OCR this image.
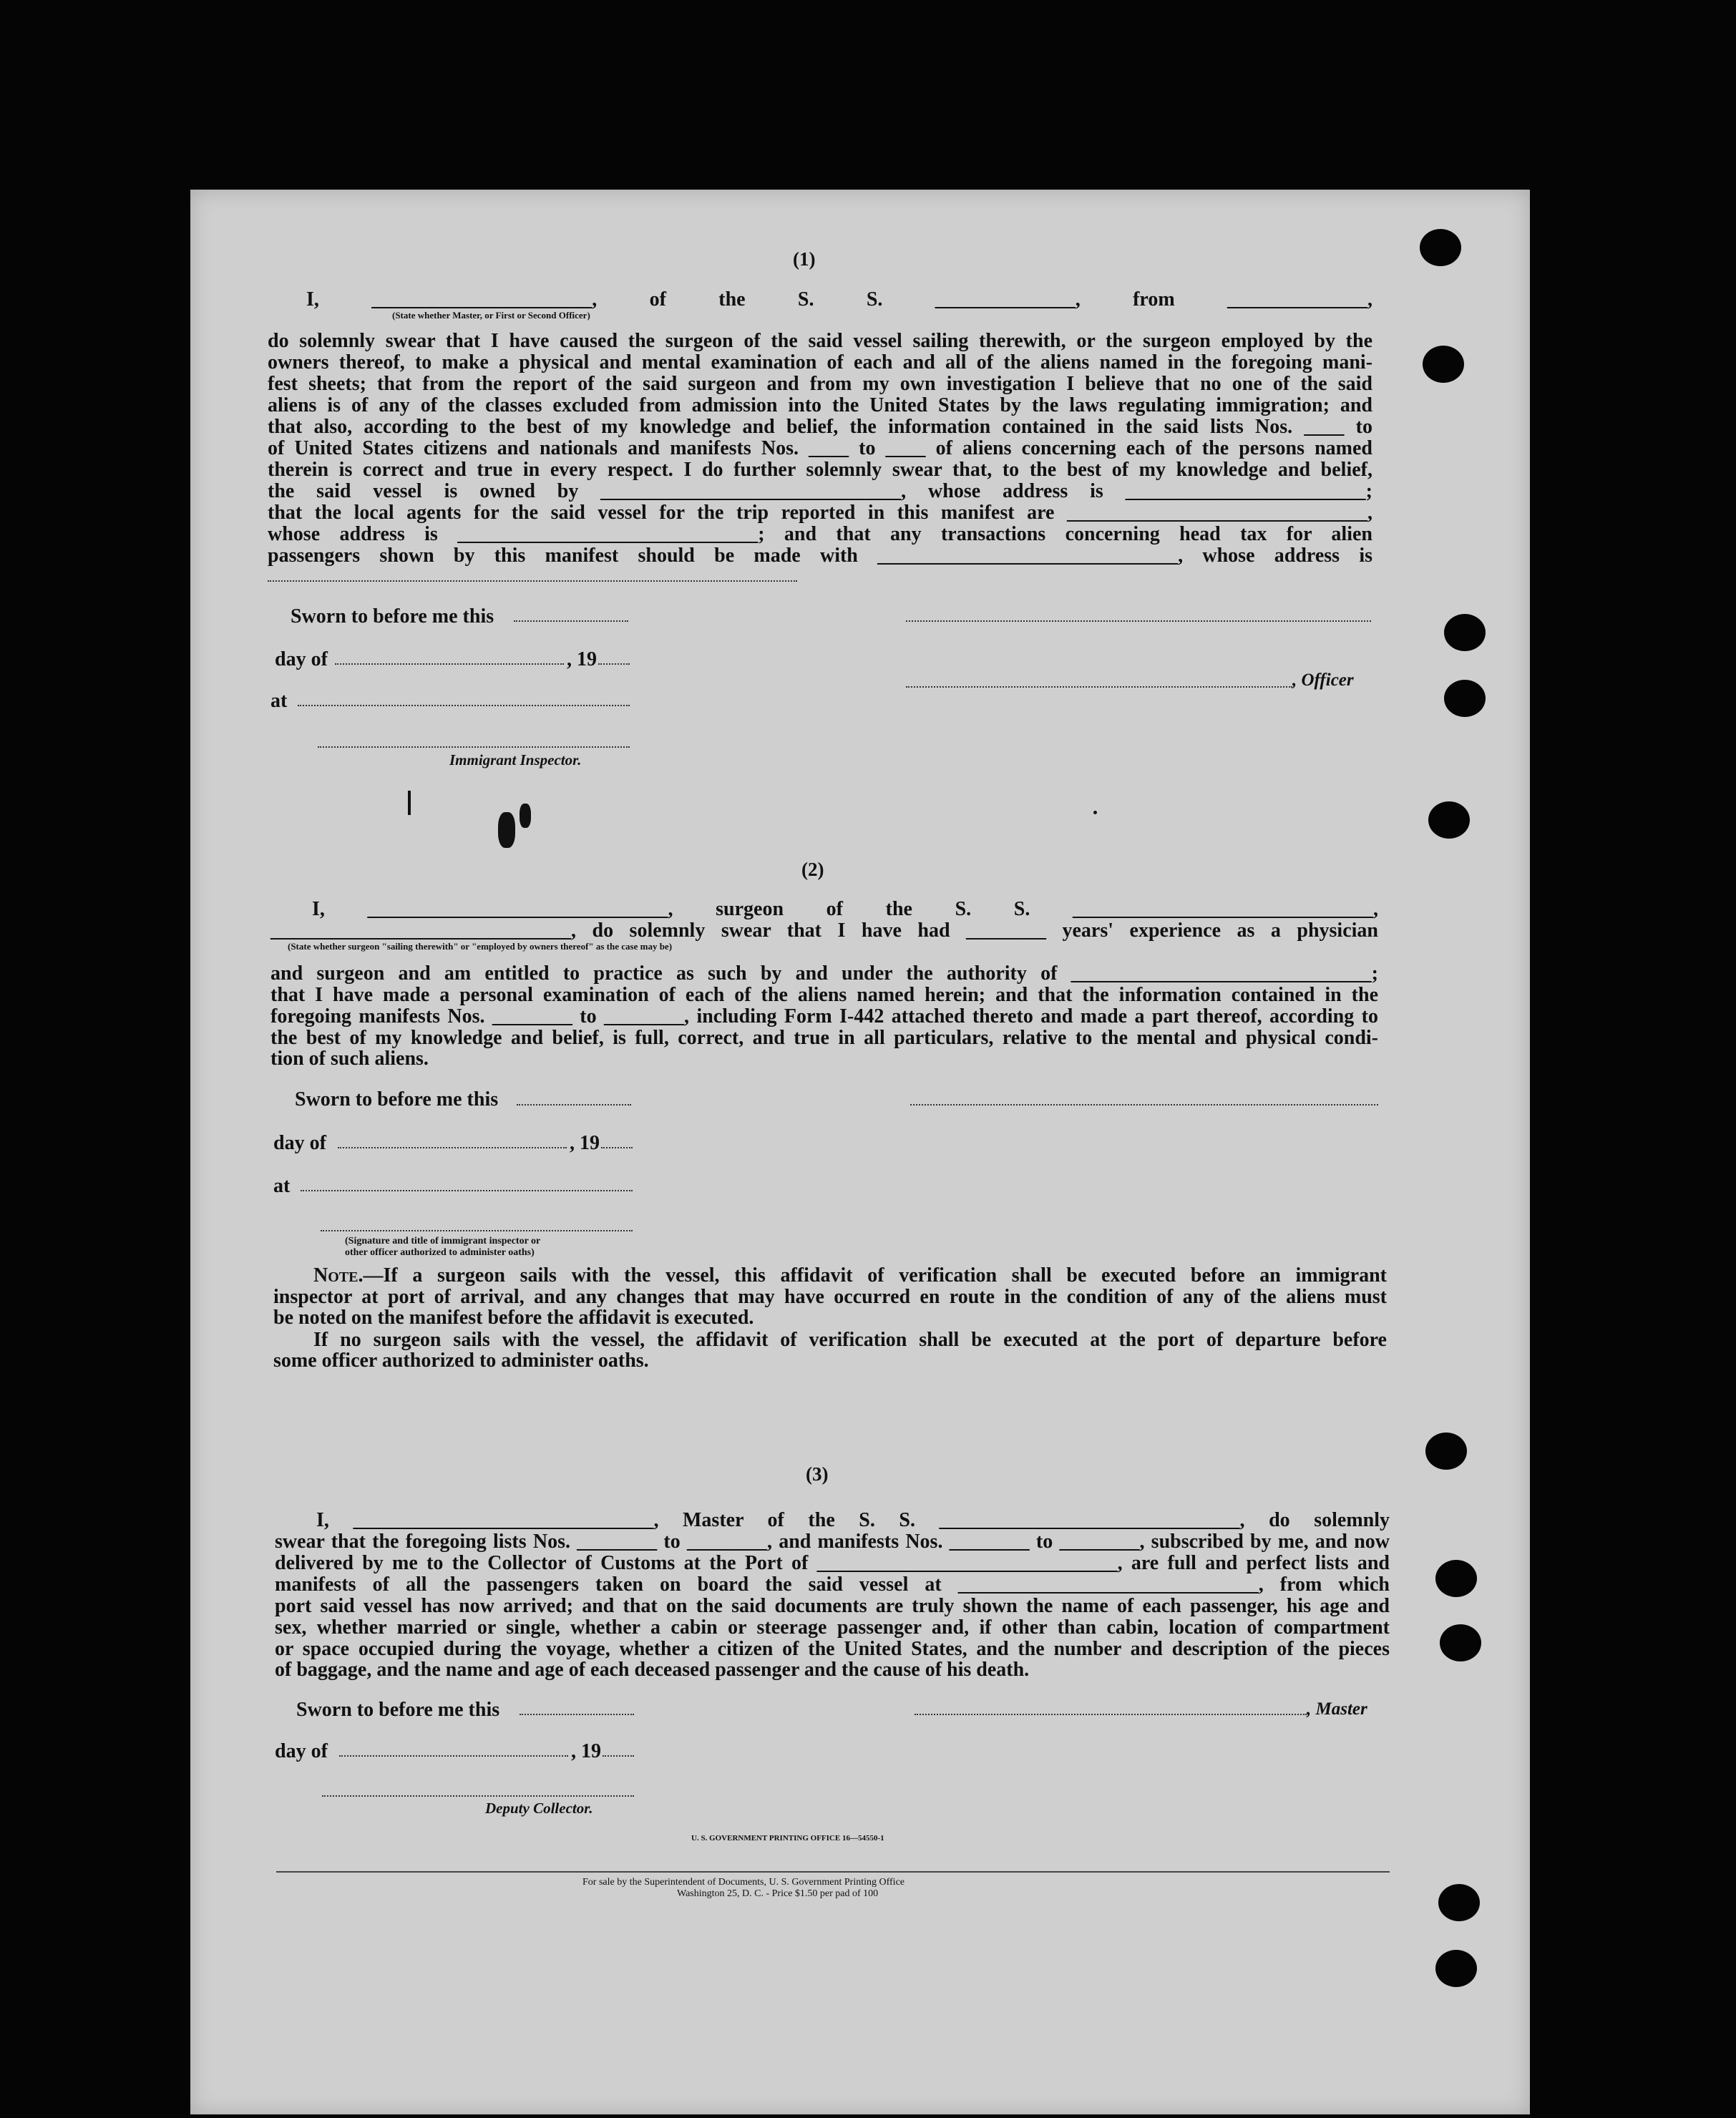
(1)
I, ______________________, of the S. S. ______________, from ______________,
(State whether Master, or First or Second Officer)
do solemnly swear that I have caused the surgeon of the said vessel sailing therewith, or the surgeon employed by the
owners thereof, to make a physical and mental examination of each and all of the aliens named in the foregoing mani-
fest sheets; that from the report of the said surgeon and from my own investigation I believe that no one of the said
aliens is of any of the classes excluded from admission into the United States by the laws regulating immigration; and
that also, according to the best of my knowledge and belief, the information contained in the said lists Nos. ____ to
of United States citizens and nationals and manifests Nos. ____ to ____ of aliens concerning each of the persons named
therein is correct and true in every respect. I do further solemnly swear that, to the best of my knowledge and belief,
the said vessel is owned by ______________________________, whose address is ________________________;
that the local agents for the said vessel for the trip reported in this manifest are ______________________________,
whose address is ______________________________; and that any transactions concerning head tax for alien
passengers shown by this manifest should be made with ______________________________, whose address is
Sworn to before me this
day of	, 19
, Officer
at
Immigrant Inspector.
(2)
I, ______________________________, surgeon of the S. S. ______________________________,
______________________________, do solemnly swear that I have had ________ years' experience as a physician
(State whether surgeon "sailing therewith" or "employed by owners thereof" as the case may be)
and surgeon and am entitled to practice as such by and under the authority of ______________________________;
that I have made a personal examination of each of the aliens named herein; and that the information contained in the
foregoing manifests Nos. ________ to ________, including Form I-442 attached thereto and made a part thereof, according to
the best of my knowledge and belief, is full, correct, and true in all particulars, relative to the mental and physical condi-
tion of such aliens.
Sworn to before me this
day of	, 19
at
(Signature and title of immigrant inspector or
other officer authorized to administer oaths)
Note.—If a surgeon sails with the vessel, this affidavit of verification shall be executed before an immigrant
inspector at port of arrival, and any changes that may have occurred en route in the condition of any of the aliens must
be noted on the manifest before the affidavit is executed.
If no surgeon sails with the vessel, the affidavit of verification shall be executed at the port of departure before
some officer authorized to administer oaths.
(3)
I, ______________________________, Master of the S. S. ______________________________, do solemnly
swear that the foregoing lists Nos. ________ to ________, and manifests Nos. ________ to ________, subscribed by me, and now
delivered by me to the Collector of Customs at the Port of ______________________________, are full and perfect lists and
manifests of all the passengers taken on board the said vessel at ______________________________, from which
port said vessel has now arrived; and that on the said documents are truly shown the name of each passenger, his age and
sex, whether married or single, whether a cabin or steerage passenger and, if other than cabin, location of compartment
or space occupied during the voyage, whether a citizen of the United States, and the number and description of the pieces
of baggage, and the name and age of each deceased passenger and the cause of his death.
Sworn to before me this	, Master
day of	, 19
Deputy Collector.
U. S. GOVERNMENT PRINTING OFFICE 16—54550-1
For sale by the Superintendent of Documents, U. S. Government Printing Office
Washington 25, D. C. - Price $1.50 per pad of 100
